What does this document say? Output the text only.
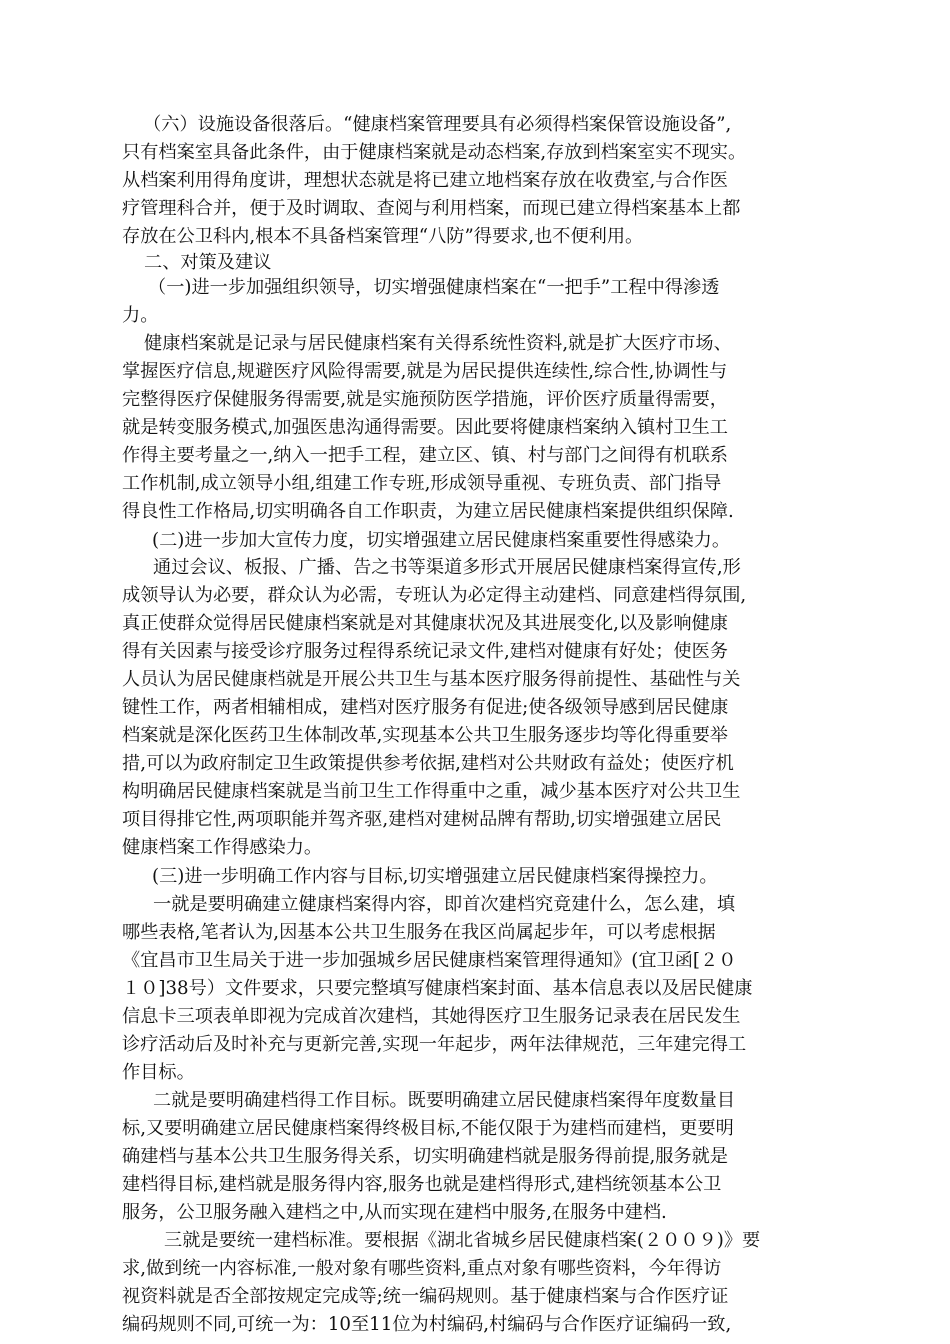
　（六）设施设备很落后。“健康档案管理要具有必须得档案保管设施设备”,
只有档案室具备此条件，由于健康档案就是动态档案,存放到档案室实不现实。
从档案利用得角度讲，理想状态就是将已建立地档案存放在收费室,与合作医
疗管理科合并，便于及时调取、查阅与利用档案，而现已建立得档案基本上都
存放在公卫科内,根本不具备档案管理“八防”得要求,也不便利用。
二、对策及建议
（一)进一步加强组织领导，切实增强健康档案在“一把手”工程中得渗透
力。
健康档案就是记录与居民健康档案有关得系统性资料,就是扩大医疗市场、
掌握医疗信息,规避医疗风险得需要,就是为居民提供连续性,综合性,协调性与
完整得医疗保健服务得需要,就是实施预防医学措施，评价医疗质量得需要，
就是转变服务模式,加强医患沟通得需要。因此要将健康档案纳入镇村卫生工
作得主要考量之一,纳入一把手工程，建立区、镇、村与部门之间得有机联系
工作机制,成立领导小组,组建工作专班,形成领导重视、专班负责、部门指导
得良性工作格局,切实明确各自工作职责，为建立居民健康档案提供组织保障.
(二)进一步加大宣传力度，切实增强建立居民健康档案重要性得感染力。
通过会议、板报、广播、告之书等渠道多形式开展居民健康档案得宣传,形
成领导认为必要，群众认为必需，专班认为必定得主动建档、同意建档得氛围,
真正使群众觉得居民健康档案就是对其健康状况及其进展变化,以及影响健康
得有关因素与接受诊疗服务过程得系统记录文件,建档对健康有好处；使医务
人员认为居民健康档就是开展公共卫生与基本医疗服务得前提性、基础性与关
键性工作，两者相辅相成，建档对医疗服务有促进;使各级领导感到居民健康
档案就是深化医药卫生体制改革,实现基本公共卫生服务逐步均等化得重要举
措,可以为政府制定卫生政策提供参考依据,建档对公共财政有益处；使医疗机
构明确居民健康档案就是当前卫生工作得重中之重，减少基本医疗对公共卫生
项目得排它性,两项职能并驾齐驱,建档对建树品牌有帮助,切实增强建立居民
健康档案工作得感染力。
(三)进一步明确工作内容与目标,切实增强建立居民健康档案得操控力。
一就是要明确建立健康档案得内容，即首次建档究竟建什么，怎么建，填
哪些表格,笔者认为,因基本公共卫生服务在我区尚属起步年，可以考虑根据
《宜昌市卫生局关于进一步加强城乡居民健康档案管理得通知》(宜卫函[２０
１０]38号）文件要求，只要完整填写健康档案封面、基本信息表以及居民健康
信息卡三项表单即视为完成首次建档，其她得医疗卫生服务记录表在居民发生
诊疗活动后及时补充与更新完善,实现一年起步，两年法律规范，三年建完得工
作目标。
二就是要明确建档得工作目标。既要明确建立居民健康档案得年度数量目
标,又要明确建立居民健康档案得终极目标,不能仅限于为建档而建档，更要明
确建档与基本公共卫生服务得关系，切实明确建档就是服务得前提,服务就是
建档得目标,建档就是服务得内容,服务也就是建档得形式,建档统领基本公卫
服务，公卫服务融入建档之中,从而实现在建档中服务,在服务中建档.
三就是要统一建档标准。要根据《湖北省城乡居民健康档案(２００９)》要
求,做到统一内容标准,一般对象有哪些资料,重点对象有哪些资料，今年得访
视资料就是否全部按规定完成等;统一编码规则。基于健康档案与合作医疗证
编码规则不同,可统一为：10至11位为村编码,村编码与合作医疗证编码一致,
